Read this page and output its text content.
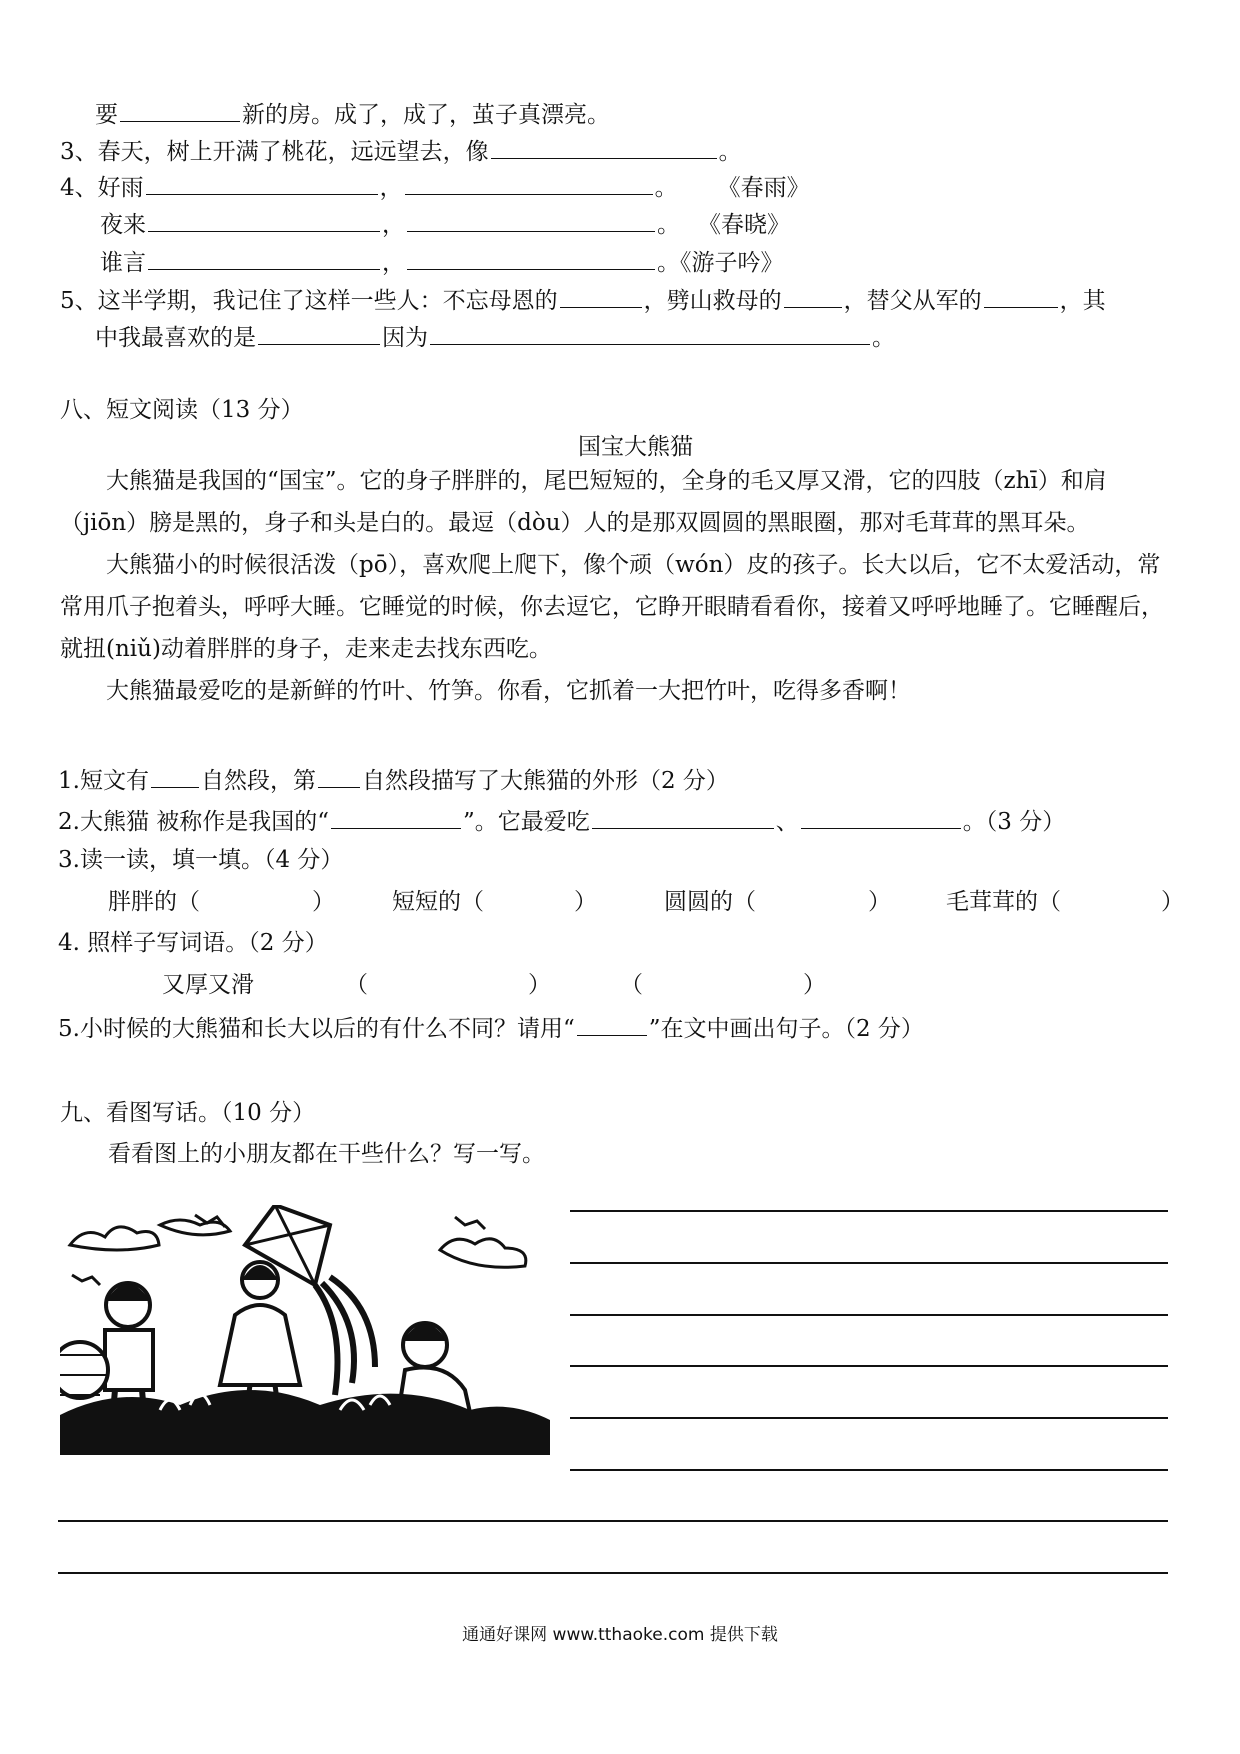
要	新的房。成了，成了，茧子真漂亮。
3、春天，树上开满了桃花，远远望去，像	。
4、好雨	，	。 《春雨》
夜来	，	。 《春晓》
谁言	，	。《游子吟》
5、这半学期，我记住了这样一些人：不忘母恩的	，劈山救母的	，替父从军的	，其
中我最喜欢的是	因为	。
八、短文阅读（13 分）
国宝大熊猫
大熊猫是我国的“国宝”。它的身子胖胖的，尾巴短短的，全身的毛又厚又滑，它的四肢（zhī）和肩（jiōn）膀是黑的，身子和头是白的。最逗（dòu）人的是那双圆圆的黑眼圈，那对毛茸茸的黑耳朵。
大熊猫小的时候很活泼（pō），喜欢爬上爬下，像个顽（wón）皮的孩子。长大以后，它不太爱活动，常常用爪子抱着头，呼呼大睡。它睡觉的时候，你去逗它，它睁开眼睛看看你，接着又呼呼地睡了。它睡醒后，就扭(niǔ)动着胖胖的身子，走来走去找东西吃。
大熊猫最爱吃的是新鲜的竹叶、竹笋。你看，它抓着一大把竹叶，吃得多香啊！
1.短文有 自然段，第 自然段描写了大熊猫的外形（2 分）
2.大熊猫 被称作是我国的“	”。它最爱吃	、	。（3 分）
3.读一读，填一填。（4 分）
胖胖的（	） 短短的（	）	圆圆的（	） 毛茸茸的（	）
4. 照样子写词语。（2 分）
又厚又滑	（	）	（	）
5.小时候的大熊猫和长大以后的有什么不同？请用“	”在文中画出句子。（2 分）
九、看图写话。（10 分）
看看图上的小朋友都在干些什么？写一写。
通通好课网 www.tthaoke.com 提供下载
